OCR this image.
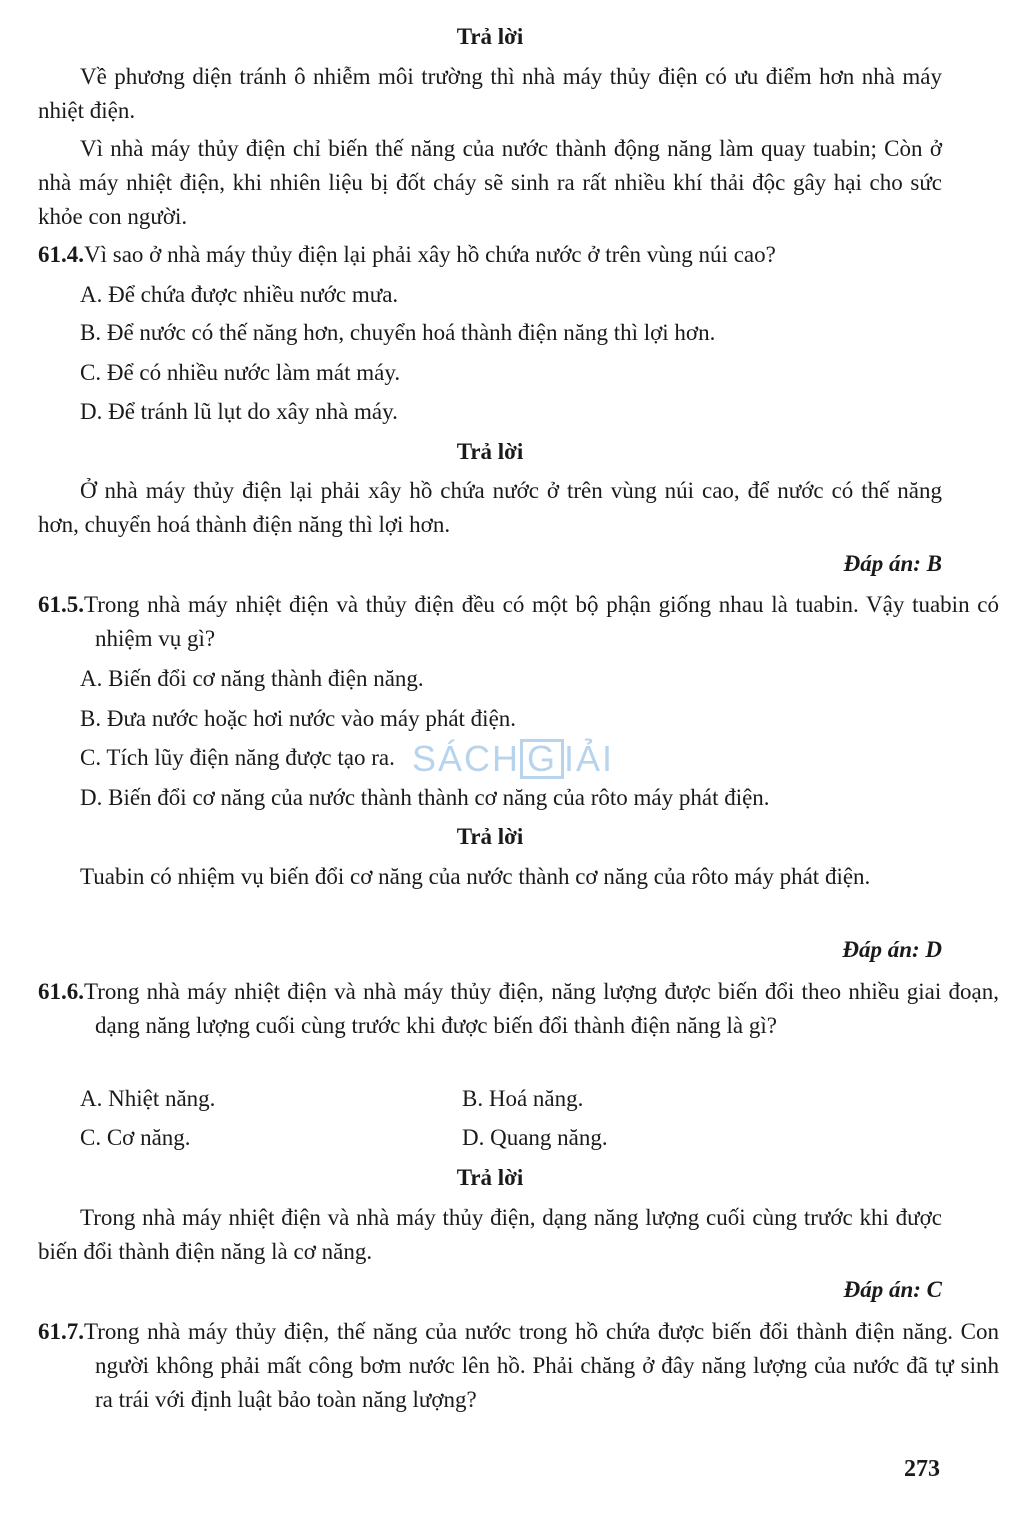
Trả lời

Về phương diện tránh ô nhiễm môi trường thì nhà máy thủy điện có ưu điểm hơn nhà máy nhiệt điện.

Vì nhà máy thủy điện chỉ biến thế năng của nước thành động năng làm quay tuabin; Còn ở nhà máy nhiệt điện, khi nhiên liệu bị đốt cháy sẽ sinh ra rất nhiều khí thải độc gây hại cho sức khỏe con người.

61.4.Vì sao ở nhà máy thủy điện lại phải xây hồ chứa nước ở trên vùng núi cao?

A. Để chứa được nhiều nước mưa.
B. Để nước có thế năng hơn, chuyển hoá thành điện năng thì lợi hơn.
C. Để có nhiều nước làm mát máy.
D. Để tránh lũ lụt do xây nhà máy.
Trả lời

Ở nhà máy thủy điện lại phải xây hồ chứa nước ở trên vùng núi cao, để nước có thế năng hơn, chuyển hoá thành điện năng thì lợi hơn.

Đáp án: B

61.5.Trong nhà máy nhiệt điện và thủy điện đều có một bộ phận giống nhau là tuabin. Vậy tuabin có nhiệm vụ gì?

A. Biến đổi cơ năng thành điện năng.
B. Đưa nước hoặc hơi nước vào máy phát điện.
C. Tích lũy điện năng được tạo ra.
D. Biến đổi cơ năng của nước thành thành cơ năng của rôto máy phát điện.
Trả lời

Tuabin có nhiệm vụ biến đổi cơ năng của nước thành cơ năng của rôto máy phát điện.

Đáp án: D

61.6.Trong nhà máy nhiệt điện và nhà máy thủy điện, năng lượng được biến đổi theo nhiều giai đoạn, dạng năng lượng cuối cùng trước khi được biến đổi thành điện năng là gì?

A. Nhiệt năng.	B. Hoá năng.
C. Cơ năng.	D. Quang năng.
Trả lời

Trong nhà máy nhiệt điện và nhà máy thủy điện, dạng năng lượng cuối cùng trước khi được biến đổi thành điện năng là cơ năng.

Đáp án: C

61.7.Trong nhà máy thủy điện, thế năng của nước trong hồ chứa được biến đổi thành điện năng. Con người không phải mất công bơm nước lên hồ. Phải chăng ở đây năng lượng của nước đã tự sinh ra trái với định luật bảo toàn năng lượng?

SÁCH G IẢI
273
